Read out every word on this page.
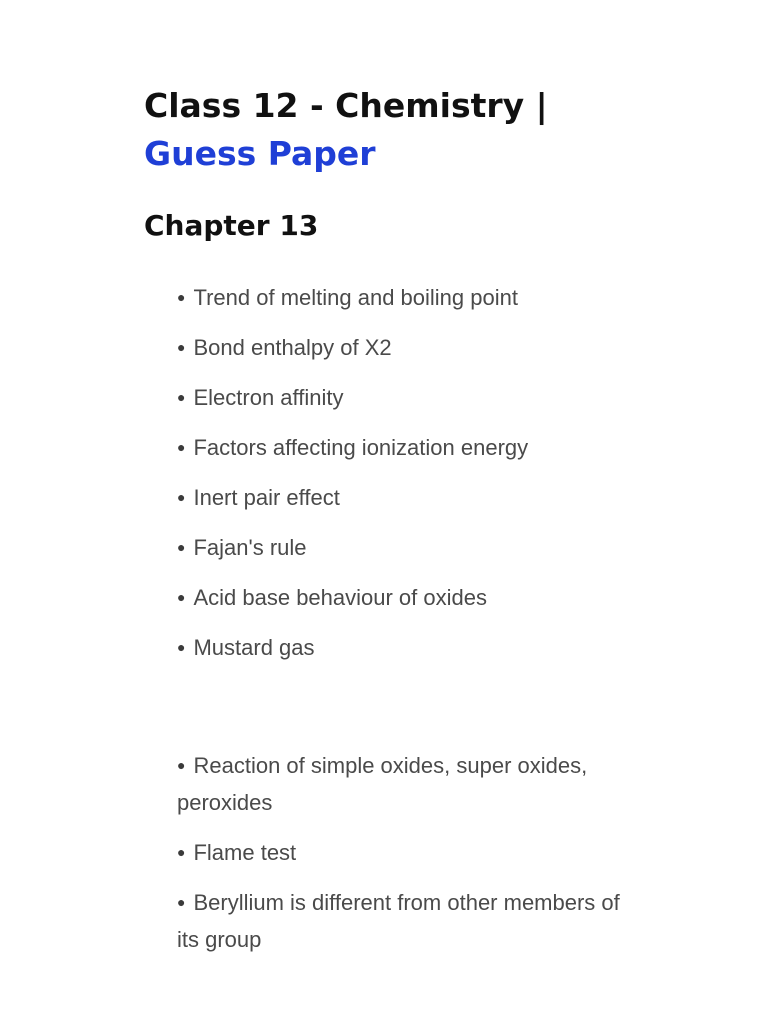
Class 12 - Chemistry |
Guess Paper
Chapter 13
● Trend of melting and boiling point
● Bond enthalpy of X2
● Electron affinity
● Factors affecting ionization energy
● Inert pair effect
● Fajan's rule
● Acid base behaviour of oxides
● Mustard gas
● Reaction of simple oxides, super oxides, peroxides
● Flame test
● Beryllium is different from other members of its group
